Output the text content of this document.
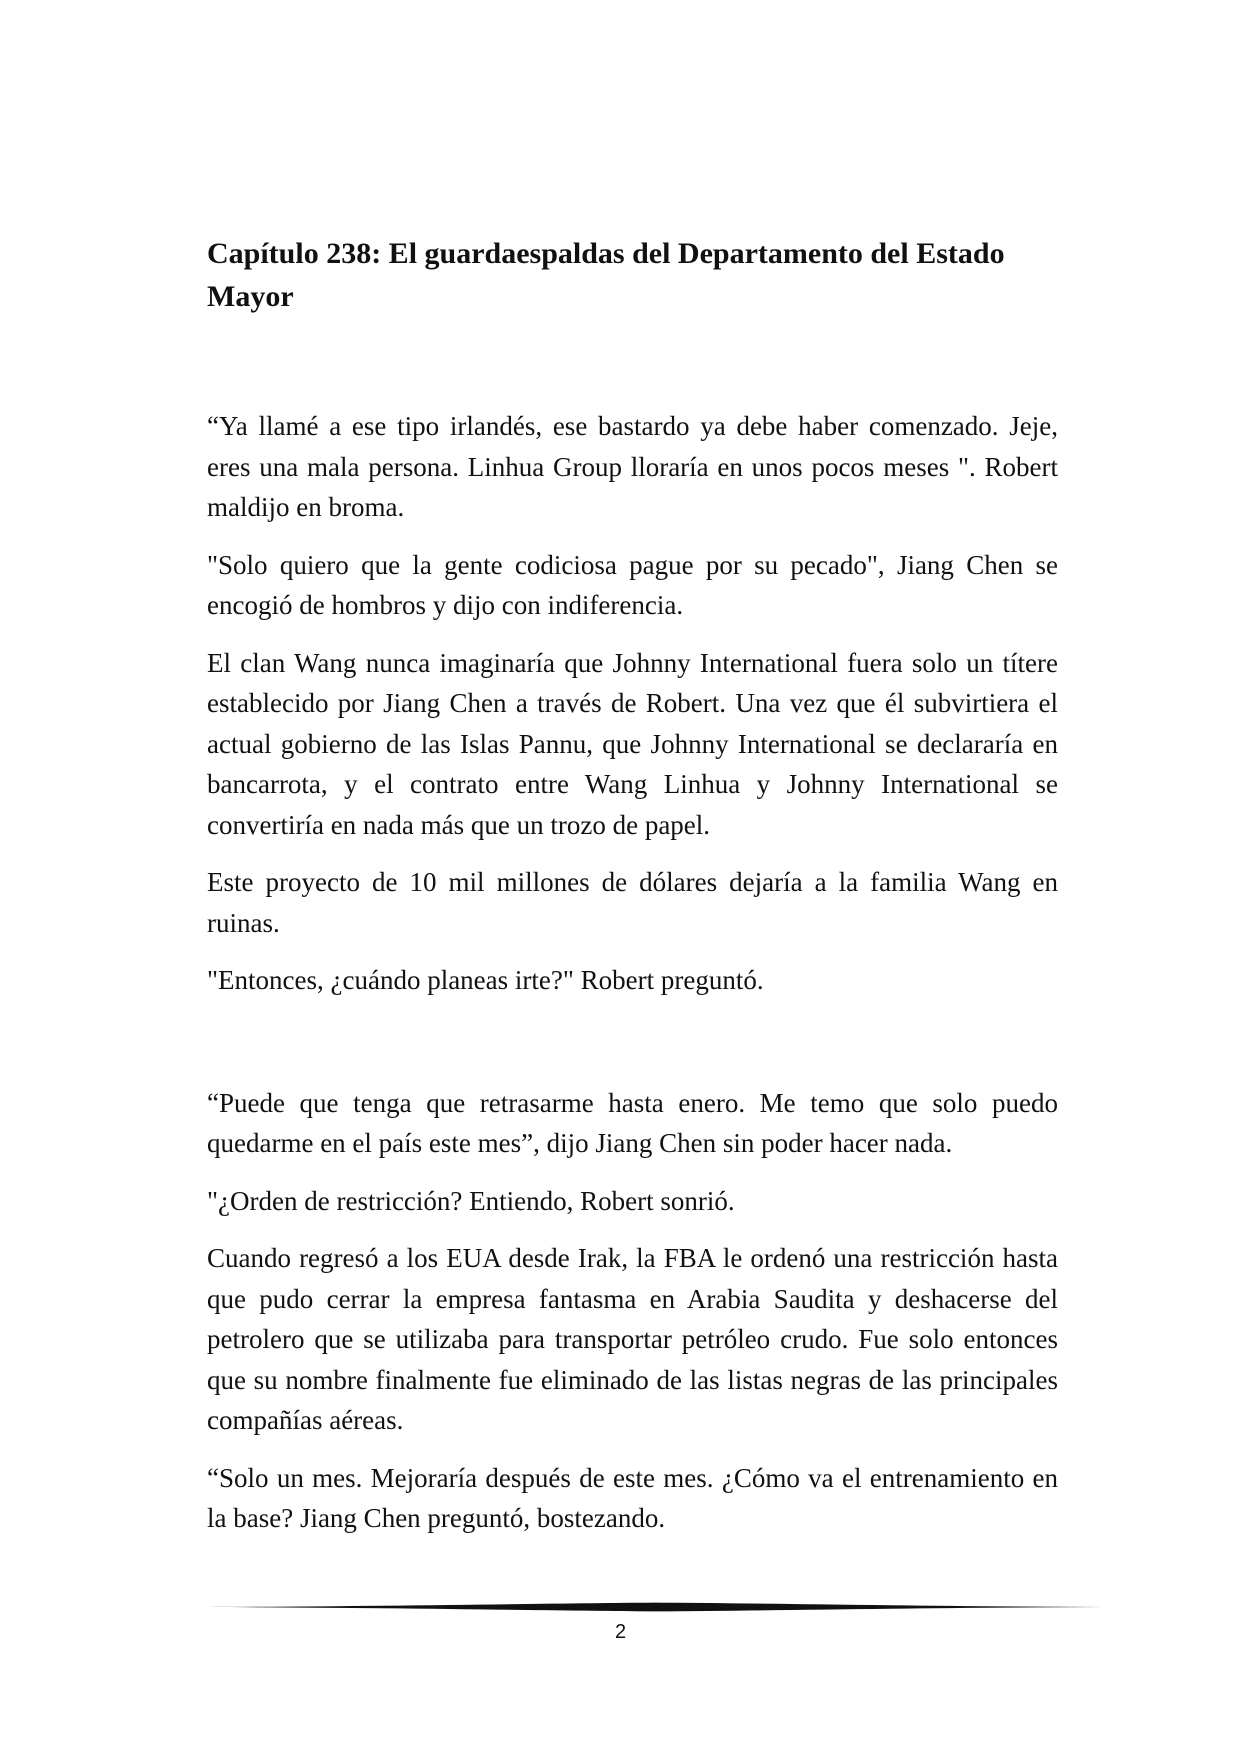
Capítulo 238: El guardaespaldas del Departamento del Estado Mayor

“Ya llamé a ese tipo irlandés, ese bastardo ya debe haber comenzado. Jeje, eres una mala persona. Linhua Group lloraría en unos pocos meses ". Robert maldijo en broma.

"Solo quiero que la gente codiciosa pague por su pecado", Jiang Chen se encogió de hombros y dijo con indiferencia.

El clan Wang nunca imaginaría que Johnny International fuera solo un títere establecido por Jiang Chen a través de Robert. Una vez que él subvirtiera el actual gobierno de las Islas Pannu, que Johnny International se declararía en bancarrota, y el contrato entre Wang Linhua y Johnny International se convertiría en nada más que un trozo de papel.

Este proyecto de 10 mil millones de dólares dejaría a la familia Wang en ruinas.

"Entonces, ¿cuándo planeas irte?" Robert preguntó.

“Puede que tenga que retrasarme hasta enero. Me temo que solo puedo quedarme en el país este mes”, dijo Jiang Chen sin poder hacer nada.

"¿Orden de restricción? Entiendo, Robert sonrió.

Cuando regresó a los EUA desde Irak, la FBA le ordenó una restricción hasta que pudo cerrar la empresa fantasma en Arabia Saudita y deshacerse del petrolero que se utilizaba para transportar petróleo crudo. Fue solo entonces que su nombre finalmente fue eliminado de las listas negras de las principales compañías aéreas.

“Solo un mes. Mejoraría después de este mes. ¿Cómo va el entrenamiento en la base? Jiang Chen preguntó, bostezando.

2
